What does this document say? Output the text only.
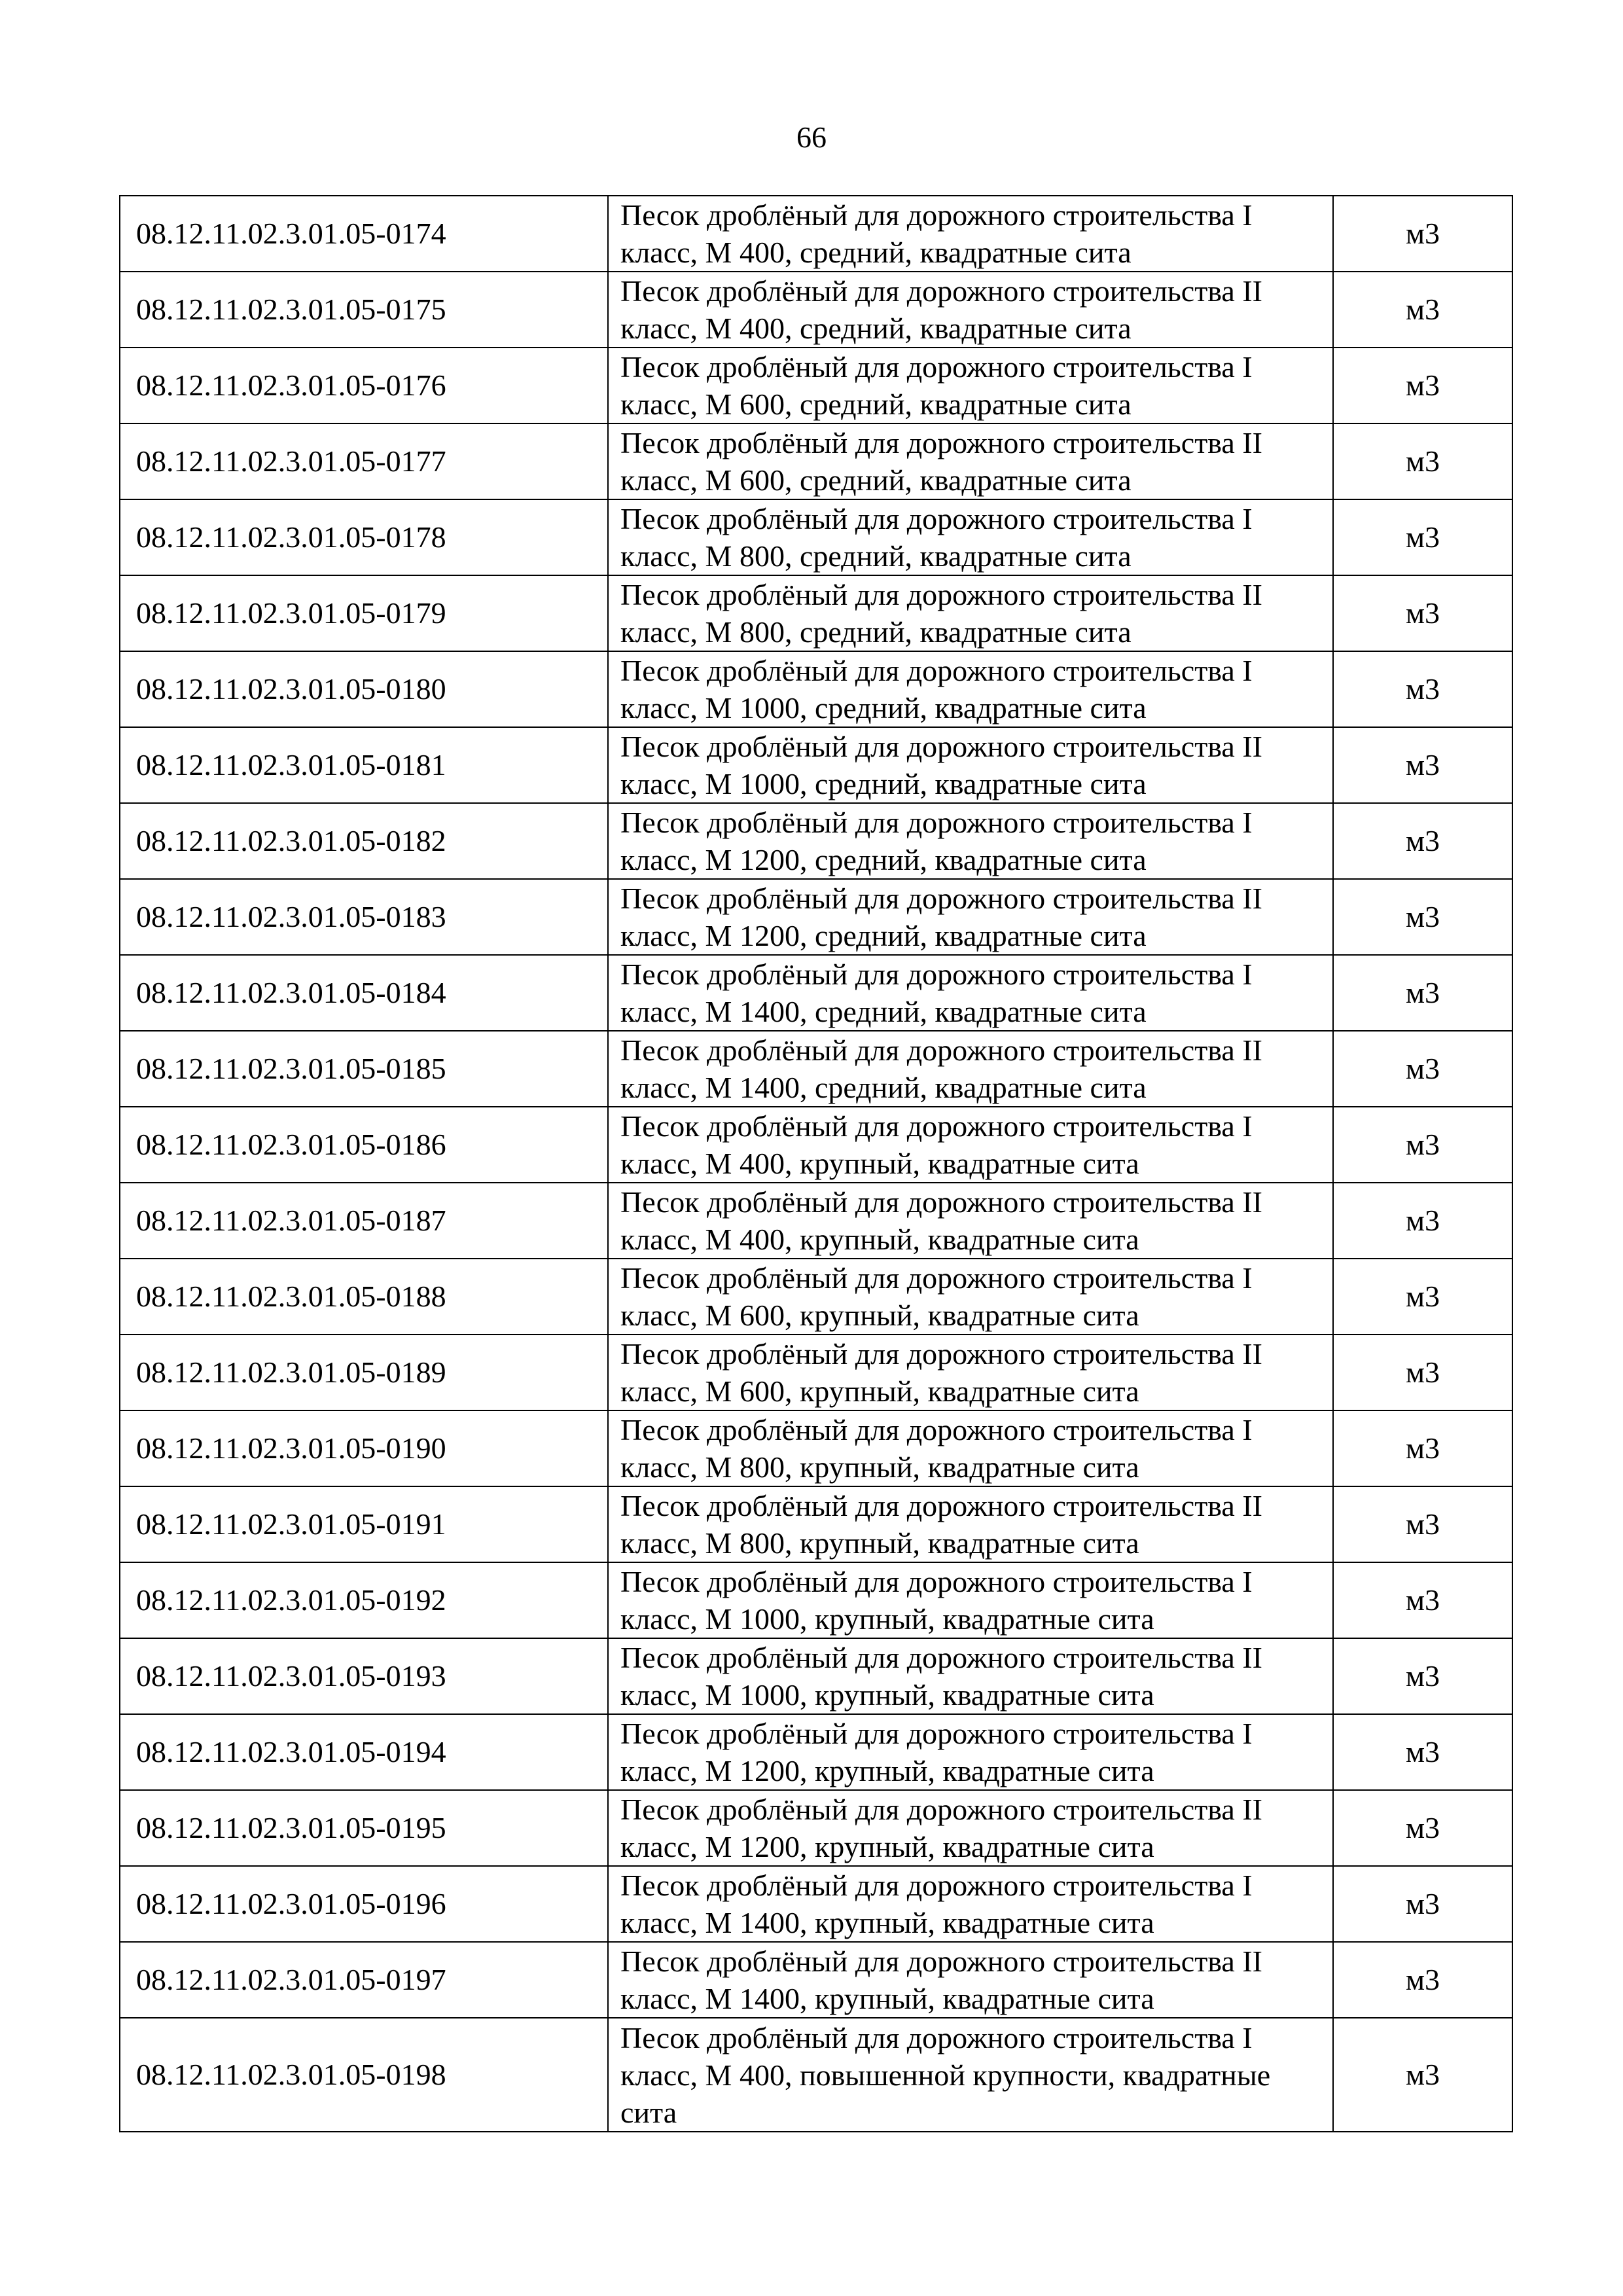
66
08.12.11.02.3.01.05-0174	Песок дроблёный для дорожного строительства I класс, М 400, средний, квадратные сита	м3
08.12.11.02.3.01.05-0175	Песок дроблёный для дорожного строительства II класс, М 400, средний, квадратные сита	м3
08.12.11.02.3.01.05-0176	Песок дроблёный для дорожного строительства I класс, М 600, средний, квадратные сита	м3
08.12.11.02.3.01.05-0177	Песок дроблёный для дорожного строительства II класс, М 600, средний, квадратные сита	м3
08.12.11.02.3.01.05-0178	Песок дроблёный для дорожного строительства I класс, М 800, средний, квадратные сита	м3
08.12.11.02.3.01.05-0179	Песок дроблёный для дорожного строительства II класс, М 800, средний, квадратные сита	м3
08.12.11.02.3.01.05-0180	Песок дроблёный для дорожного строительства I класс, М 1000, средний, квадратные сита	м3
08.12.11.02.3.01.05-0181	Песок дроблёный для дорожного строительства II класс, М 1000, средний, квадратные сита	м3
08.12.11.02.3.01.05-0182	Песок дроблёный для дорожного строительства I класс, М 1200, средний, квадратные сита	м3
08.12.11.02.3.01.05-0183	Песок дроблёный для дорожного строительства II класс, М 1200, средний, квадратные сита	м3
08.12.11.02.3.01.05-0184	Песок дроблёный для дорожного строительства I класс, М 1400, средний, квадратные сита	м3
08.12.11.02.3.01.05-0185	Песок дроблёный для дорожного строительства II класс, М 1400, средний, квадратные сита	м3
08.12.11.02.3.01.05-0186	Песок дроблёный для дорожного строительства I класс, М 400, крупный, квадратные сита	м3
08.12.11.02.3.01.05-0187	Песок дроблёный для дорожного строительства II класс, М 400, крупный, квадратные сита	м3
08.12.11.02.3.01.05-0188	Песок дроблёный для дорожного строительства I класс, М 600, крупный, квадратные сита	м3
08.12.11.02.3.01.05-0189	Песок дроблёный для дорожного строительства II класс, М 600, крупный, квадратные сита	м3
08.12.11.02.3.01.05-0190	Песок дроблёный для дорожного строительства I класс, М 800, крупный, квадратные сита	м3
08.12.11.02.3.01.05-0191	Песок дроблёный для дорожного строительства II класс, М 800, крупный, квадратные сита	м3
08.12.11.02.3.01.05-0192	Песок дроблёный для дорожного строительства I класс, М 1000, крупный, квадратные сита	м3
08.12.11.02.3.01.05-0193	Песок дроблёный для дорожного строительства II класс, М 1000, крупный, квадратные сита	м3
08.12.11.02.3.01.05-0194	Песок дроблёный для дорожного строительства I класс, М 1200, крупный, квадратные сита	м3
08.12.11.02.3.01.05-0195	Песок дроблёный для дорожного строительства II класс, М 1200, крупный, квадратные сита	м3
08.12.11.02.3.01.05-0196	Песок дроблёный для дорожного строительства I класс, М 1400, крупный, квадратные сита	м3
08.12.11.02.3.01.05-0197	Песок дроблёный для дорожного строительства II класс, М 1400, крупный, квадратные сита	м3
08.12.11.02.3.01.05-0198	Песок дроблёный для дорожного строительства I класс, М 400, повышенной крупности, квадратные сита	м3
